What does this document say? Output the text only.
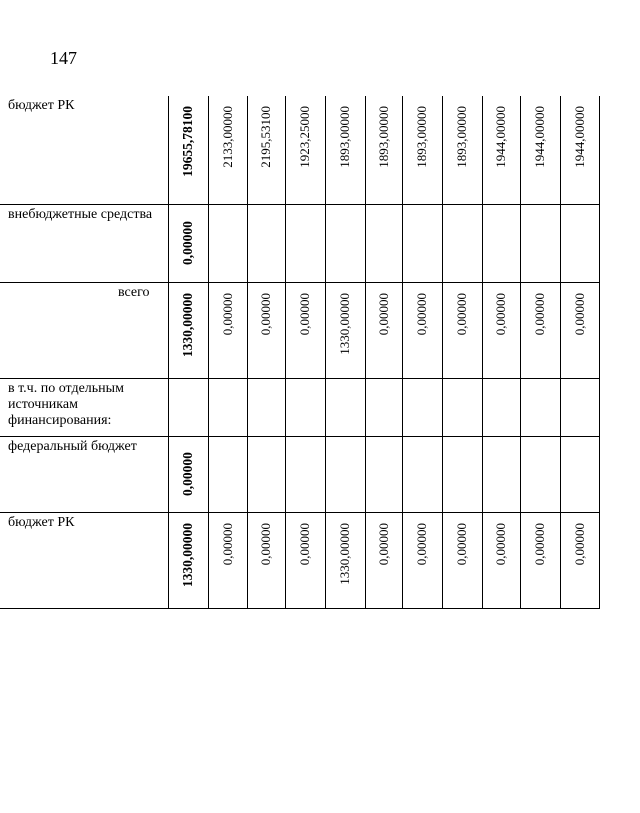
147
бюджет РК	19655,78100	2133,00000	2195,53100	1923,25000	1893,00000	1893,00000	1893,00000	1893,00000	1944,00000	1944,00000	1944,00000

внебюджетные средства	0,00000										

всего	1330,00000	0,00000	0,00000	0,00000	1330,00000	0,00000	0,00000	0,00000	0,00000	0,00000	0,00000

в т.ч. по отдельным источникам финансирования:											

федеральный бюджет	0,00000										

бюджет РК	1330,00000	0,00000	0,00000	0,00000	1330,00000	0,00000	0,00000	0,00000	0,00000	0,00000	0,00000
